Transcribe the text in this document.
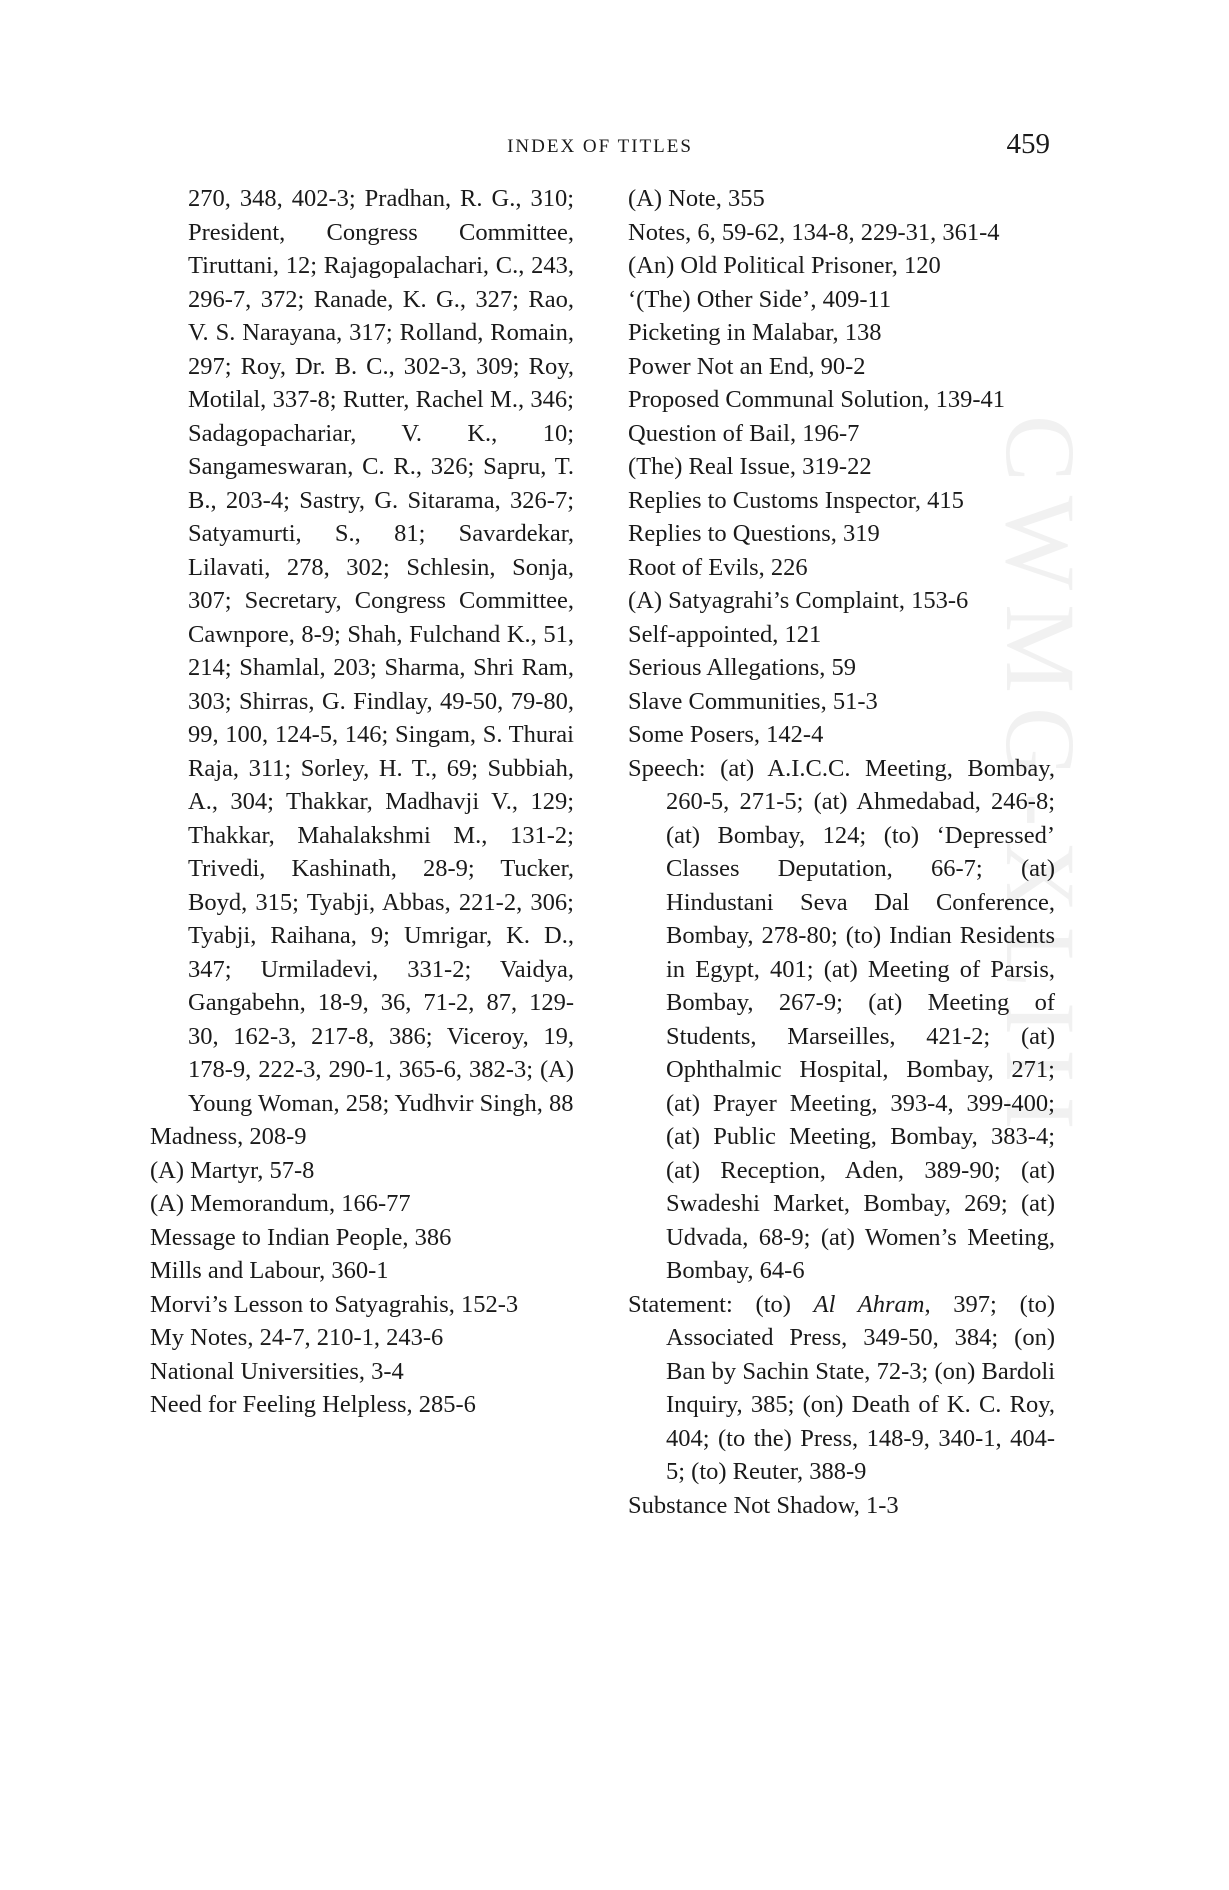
CWMG-XLIII
INDEX OF TITLES	459
270, 348, 402-3; Pradhan, R. G., 310; President, Congress Committee, Tiruttani, 12; Rajagopalachari, C., 243, 296-7, 372; Ranade, K. G., 327; Rao, V. S. Narayana, 317; Rolland, Romain, 297; Roy, Dr. B. C., 302-3, 309; Roy, Motilal, 337-8; Rutter, Rachel M., 346; Sadagopachariar, V. K., 10; Sangameswaran, C. R., 326; Sapru, T. B., 203-4; Sastry, G. Sitarama, 326-7; Satyamurti, S., 81; Savardekar, Lilavati, 278, 302; Schlesin, Sonja, 307; Secretary, Congress Committee, Cawnpore, 8-9; Shah, Fulchand K., 51, 214; Shamlal, 203; Sharma, Shri Ram, 303; Shirras, G. Findlay, 49-50, 79-80, 99, 100, 124-5, 146; Singam, S. Thurai Raja, 311; Sorley, H. T., 69; Subbiah, A., 304; Thakkar, Madhavji V., 129; Thakkar, Mahalakshmi M., 131-2; Trivedi, Kashinath, 28-9; Tucker, Boyd, 315; Tyabji, Abbas, 221-2, 306; Tyabji, Raihana, 9; Umrigar, K. D., 347; Urmiladevi, 331-2; Vaidya, Gangabehn, 18-9, 36, 71-2, 87, 129-30, 162-3, 217-8, 386; Viceroy, 19, 178-9, 222-3, 290-1, 365-6, 382-3; (A) Young Woman, 258; Yudhvir Singh, 88
Madness, 208-9
(A) Martyr, 57-8
(A) Memorandum, 166-77
Message to Indian People, 386
Mills and Labour, 360-1
Morvi’s Lesson to Satyagrahis, 152-3
My Notes, 24-7, 210-1, 243-6
National Universities, 3-4
Need for Feeling Helpless, 285-6
(A) Note, 355
Notes, 6, 59-62, 134-8, 229-31, 361-4
(An) Old Political Prisoner, 120
‘(The) Other Side’, 409-11
Picketing in Malabar, 138
Power Not an End, 90-2
Proposed Communal Solution, 139-41
Question of Bail, 196-7
(The) Real Issue, 319-22
Replies to Customs Inspector, 415
Replies to Questions, 319
Root of Evils, 226
(A) Satyagrahi’s Complaint, 153-6
Self-appointed, 121
Serious Allegations, 59
Slave Communities, 51-3
Some Posers, 142-4
Speech: (at) A.I.C.C. Meeting, Bombay, 260-5, 271-5; (at) Ahmedabad, 246-8; (at) Bombay, 124; (to) ‘Depressed’ Classes Deputation, 66-7; (at) Hindustani Seva Dal Conference, Bombay, 278-80; (to) Indian Residents in Egypt, 401; (at) Meeting of Parsis, Bombay, 267-9; (at) Meeting of Students, Marseilles, 421-2; (at) Ophthalmic Hospital, Bombay, 271; (at) Prayer Meeting, 393-4, 399-400; (at) Public Meeting, Bombay, 383-4; (at) Reception, Aden, 389-90; (at) Swadeshi Market, Bombay, 269; (at) Udvada, 68-9; (at) Women’s Meeting, Bombay, 64-6
Statement: (to) Al Ahram, 397; (to) Associated Press, 349-50, 384; (on) Ban by Sachin State, 72-3; (on) Bardoli Inquiry, 385; (on) Death of K. C. Roy, 404; (to the) Press, 148-9, 340-1, 404-5; (to) Reuter, 388-9
Substance Not Shadow, 1-3
